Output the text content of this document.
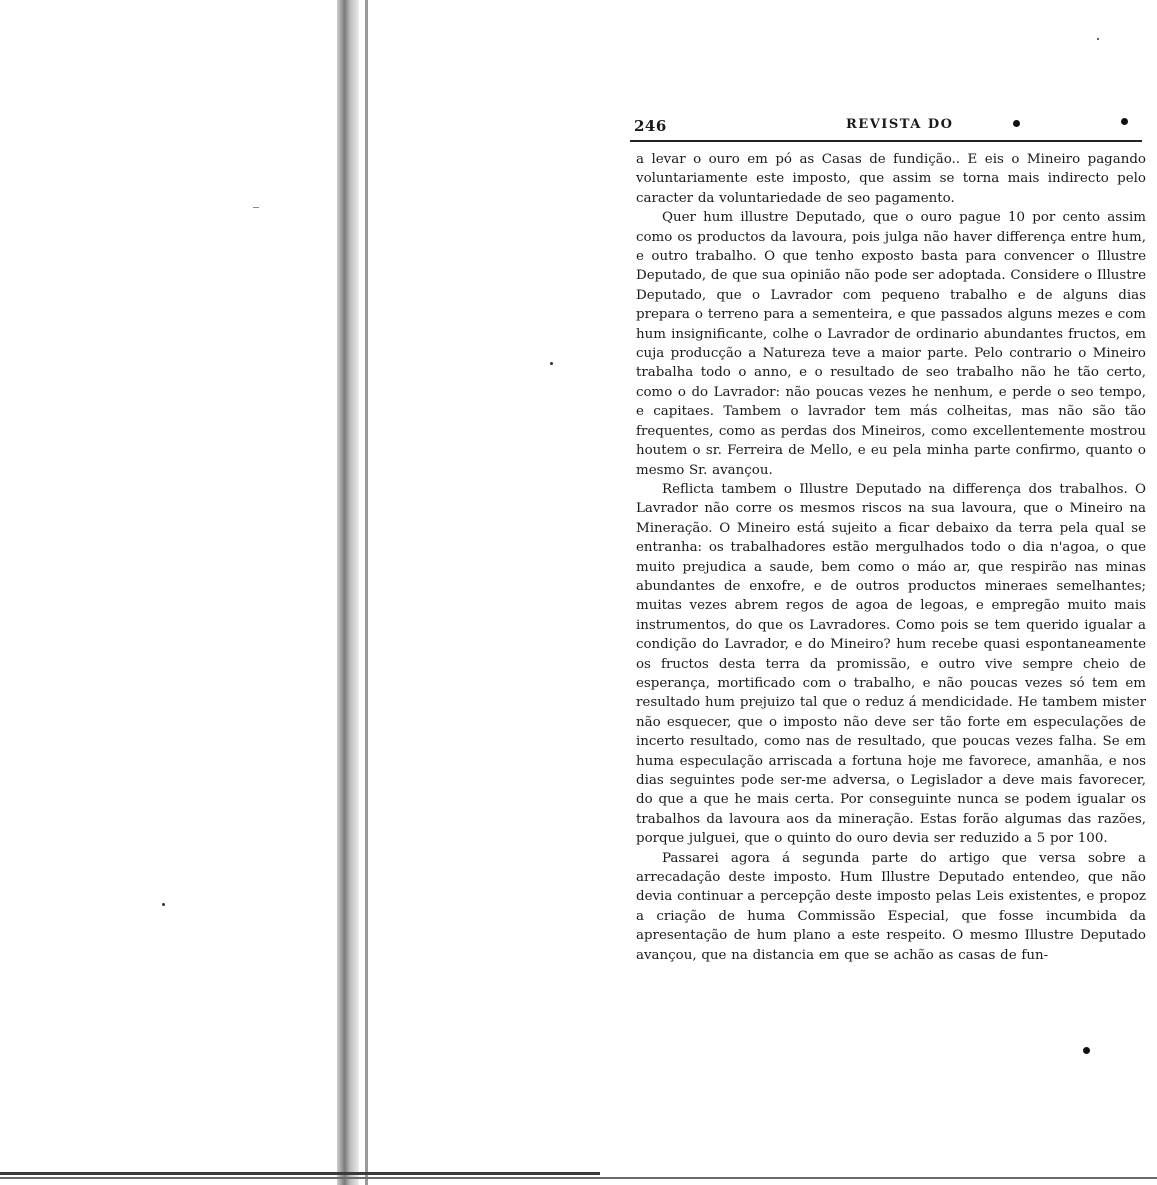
246	REVISTA DO

a levar o ouro em pó as Casas de fundição.. E eis o Mineiro pagando voluntariamente este imposto, que assim se torna mais indirecto pelo caracter da voluntariedade de seo pagamento.

Quer hum illustre Deputado, que o ouro pague 10 por cento assim como os productos da lavoura, pois julga não haver differença entre hum, e outro trabalho. O que tenho exposto basta para convencer o Illustre Deputado, de que sua opinião não pode ser adoptada. Considere o Illustre Deputado, que o Lavrador com pequeno trabalho e de alguns dias prepara o terreno para a sementeira, e que passados alguns mezes e com hum insignificante, colhe o Lavrador de ordinario abundantes fructos, em cuja producção a Natureza teve a maior parte. Pelo contrario o Mineiro trabalha todo o anno, e o resultado de seo trabalho não he tão certo, como o do Lavrador: não poucas vezes he nenhum, e perde o seo tempo, e capitaes. Tambem o lavrador tem más colheitas, mas não são tão frequentes, como as perdas dos Mineiros, como excellentemente mostrou houtem o sr. Ferreira de Mello, e eu pela minha parte confirmo, quanto o mesmo Sr. avançou.

Reflicta tambem o Illustre Deputado na differença dos trabalhos. O Lavrador não corre os mesmos riscos na sua lavoura, que o Mineiro na Mineração. O Mineiro está sujeito a ficar debaixo da terra pela qual se entranha: os trabalhadores estão mergulhados todo o dia n'agoa, o que muito prejudica a saude, bem como o máo ar, que respirão nas minas abundantes de enxofre, e de outros productos mineraes semelhantes; muitas vezes abrem regos de agoa de legoas, e empregão muito mais instrumentos, do que os Lavradores. Como pois se tem querido igualar a condição do Lavrador, e do Mineiro? hum recebe quasi espontaneamente os fructos desta terra da promissão, e outro vive sempre cheio de esperança, mortificado com o trabalho, e não poucas vezes só tem em resultado hum prejuizo tal que o reduz á mendicidade. He tambem mister não esquecer, que o imposto não deve ser tão forte em especulações de incerto resultado, como nas de resultado, que poucas vezes falha. Se em huma especulação arriscada a fortuna hoje me favorece, amanhãa, e nos dias seguintes pode ser-me adversa, o Legislador a deve mais favorecer, do que a que he mais certa. Por conseguinte nunca se podem igualar os trabalhos da lavoura aos da mineração. Estas forão algumas das razões, porque julguei, que o quinto do ouro devia ser reduzido a 5 por 100.

Passarei agora á segunda parte do artigo que versa sobre a arrecadação deste imposto. Hum Illustre Deputado entendeo, que não devia continuar a percepção deste imposto pelas Leis existentes, e propoz a criação de huma Commissão Especial, que fosse incumbida da apresentação de hum plano a este respeito. O mesmo Illustre Deputado avançou, que na distancia em que se achão as casas de fun-
